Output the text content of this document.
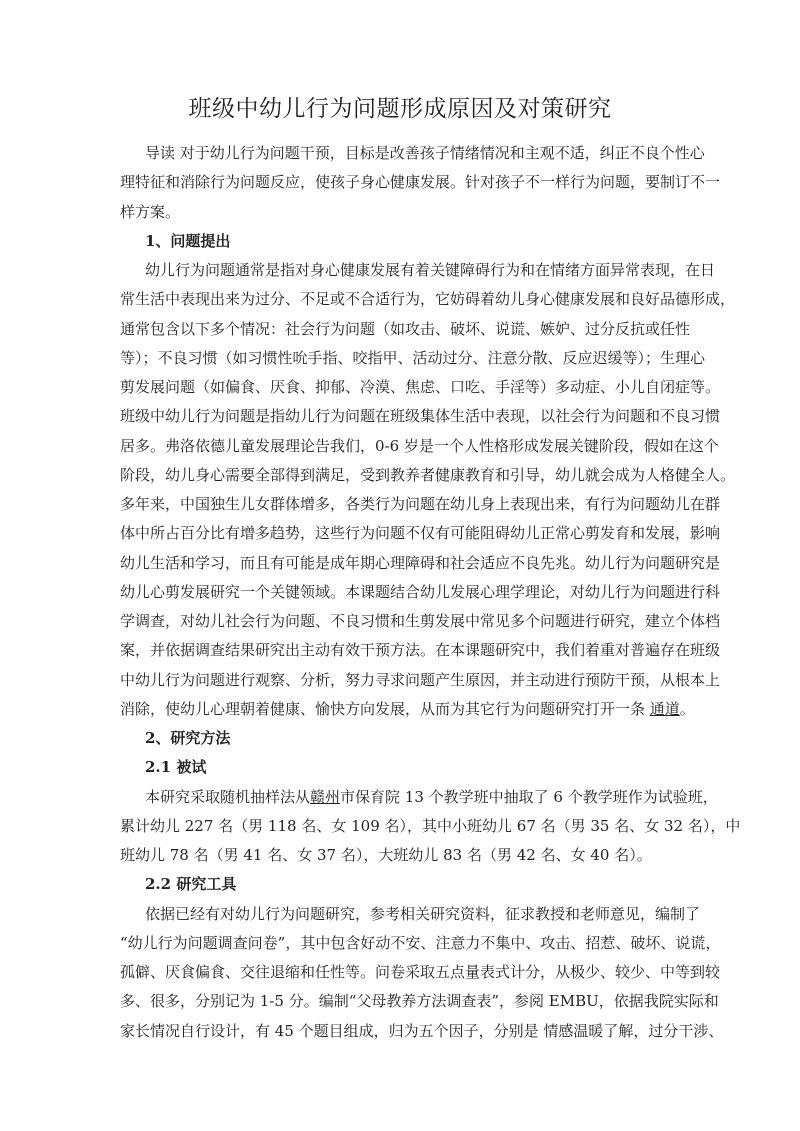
班级中幼儿行为问题形成原因及对策研究
导读 对于幼儿行为问题干预，目标是改善孩子情绪情况和主观不适，纠正不良个性心
理特征和消除行为问题反应，使孩子身心健康发展。针对孩子不一样行为问题，要制订不一
样方案。
1、问题提出
幼儿行为问题通常是指对身心健康发展有着关键障碍行为和在情绪方面异常表现，在日
常生活中表现出来为过分、不足或不合适行为，它妨碍着幼儿身心健康发展和良好品德形成，
通常包含以下多个情况：社会行为问题（如攻击、破坏、说谎、嫉妒、过分反抗或任性
等）；不良习惯（如习惯性吮手指、咬指甲、活动过分、注意分散、反应迟缓等）；生理心
剪发展问题（如偏食、厌食、抑郁、冷漠、焦虑、口吃、手淫等）多动症、小儿自闭症等。
班级中幼儿行为问题是指幼儿行为问题在班级集体生活中表现，以社会行为问题和不良习惯
居多。弗洛依德儿童发展理论告我们，0-6 岁是一个人性格形成发展关键阶段，假如在这个
阶段，幼儿身心需要全部得到满足，受到教养者健康教育和引导，幼儿就会成为人格健全人。
多年来，中国独生儿女群体增多，各类行为问题在幼儿身上表现出来，有行为问题幼儿在群
体中所占百分比有增多趋势，这些行为问题不仅有可能阻碍幼儿正常心剪发育和发展，影响
幼儿生活和学习，而且有可能是成年期心理障碍和社会适应不良先兆。幼儿行为问题研究是
幼儿心剪发展研究一个关键领域。本课题结合幼儿发展心理学理论，对幼儿行为问题进行科
学调查，对幼儿社会行为问题、不良习惯和生剪发展中常见多个问题进行研究，建立个体档
案，并依据调查结果研究出主动有效干预方法。在本课题研究中，我们着重对普遍存在班级
中幼儿行为问题进行观察、分析，努力寻求问题产生原因，并主动进行预防干预，从根本上
消除，使幼儿心理朝着健康、愉快方向发展，从而为其它行为问题研究打开一条 通道。
2、研究方法
2.1 被试
本研究采取随机抽样法从赣州市保育院 13 个教学班中抽取了 6 个教学班作为试验班，
累计幼儿 227 名（男 118 名、女 109 名），其中小班幼儿 67 名（男 35 名、女 32 名），中
班幼儿 78 名（男 41 名、女 37 名），大班幼儿 83 名（男 42 名、女 40 名）。
2.2 研究工具
依据已经有对幼儿行为问题研究，参考相关研究资料，征求教授和老师意见，编制了
“幼儿行为问题调查问卷”，其中包含好动不安、注意力不集中、攻击、招惹、破坏、说谎，
孤僻、厌食偏食、交往退缩和任性等。问卷采取五点量表式计分，从极少、较少、中等到较
多、很多，分别记为 1-5 分。编制“父母教养方法调查表”，参阅 EMBU，依据我院实际和
家长情况自行设计，有 45 个题目组成，归为五个因子，分别是 情感温暖了解，过分干涉、
